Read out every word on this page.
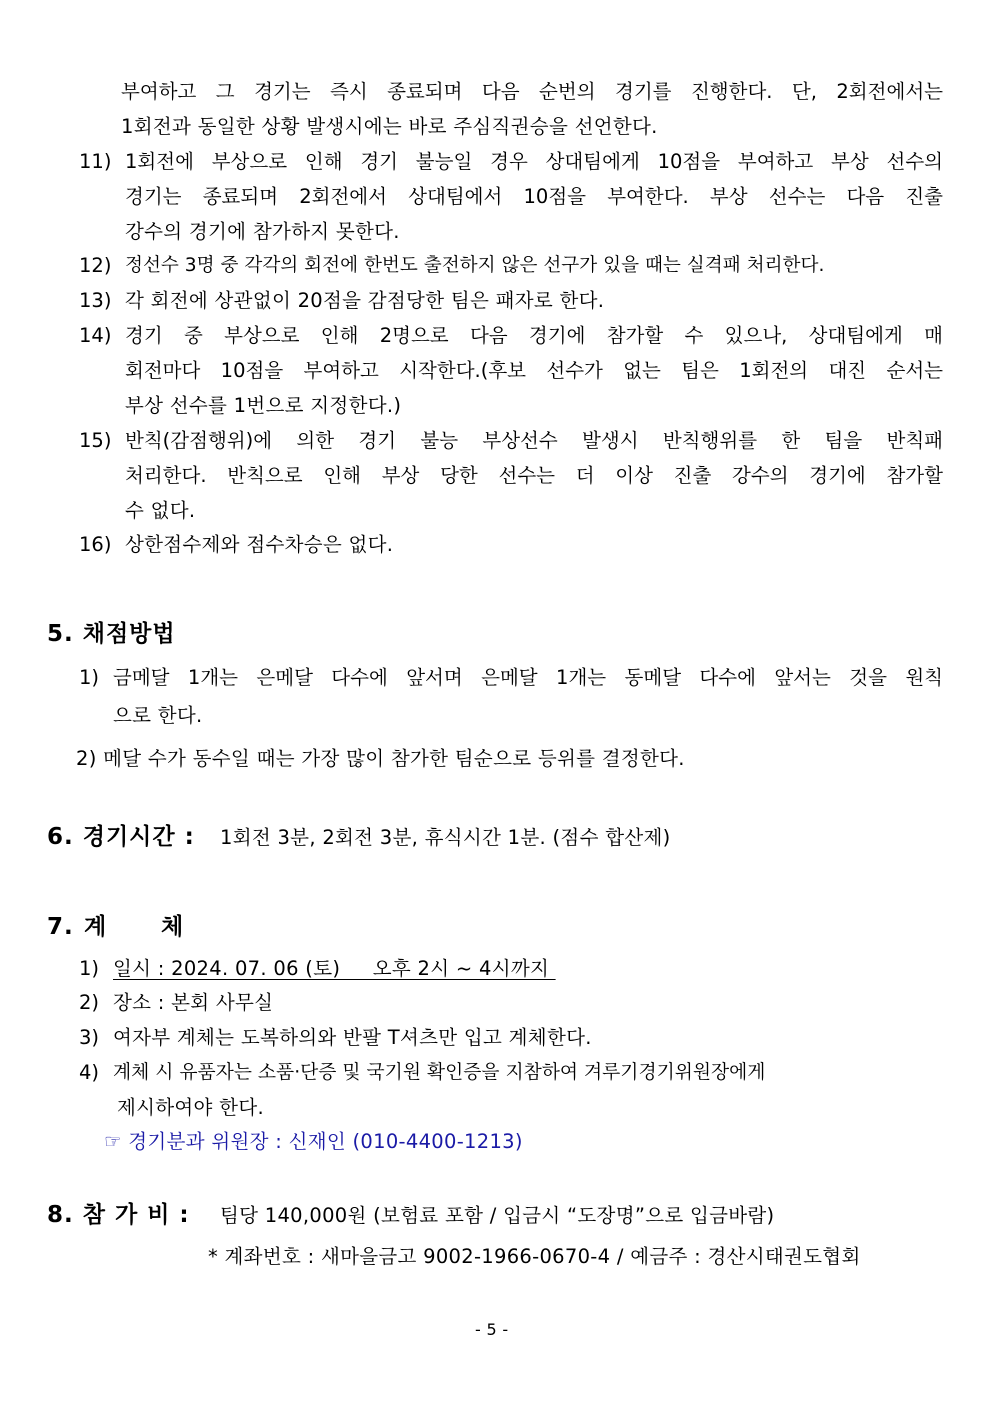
부여하고 그 경기는 즉시 종료되며 다음 순번의 경기를 진행한다. 단, 2회전에서는
1회전과 동일한 상황 발생시에는 바로 주심직권승을 선언한다.
11) 1회전에 부상으로 인해 경기 불능일 경우 상대팀에게 10점을 부여하고 부상 선수의
경기는 종료되며 2회전에서 상대팀에서 10점을 부여한다. 부상 선수는 다음 진출
강수의 경기에 참가하지 못한다.
12) 정선수 3명 중 각각의 회전에 한번도 출전하지 않은 선구가 있을 때는 실격패 처리한다.
13) 각 회전에 상관없이 20점을 감점당한 팀은 패자로 한다.
14) 경기 중 부상으로 인해 2명으로 다음 경기에 참가할 수 있으나, 상대팀에게 매
회전마다 10점을 부여하고 시작한다.(후보 선수가 없는 팀은 1회전의 대진 순서는
부상 선수를 1번으로 지정한다.)
15) 반칙(감점행위)에 의한 경기 불능 부상선수 발생시 반칙행위를 한 팀을 반칙패
처리한다. 반칙으로 인해 부상 당한 선수는 더 이상 진출 강수의 경기에 참가할
수 없다.
16) 상한점수제와 점수차승은 없다.
5. 채점방법
1) 금메달 1개는 은메달 다수에 앞서며 은메달 1개는 동메달 다수에 앞서는 것을 원칙
으로 한다.
2) 메달 수가 동수일 때는 가장 많이 참가한 팀순으로 등위를 결정한다.
6. 경기시간 : 1회전 3분, 2회전 3분, 휴식시간 1분. (점수 합산제)
7. 계 체
1) 일시 : 2024. 07. 06 (토)     오후 2시 ~ 4시까지
2) 장소 : 본회 사무실
3) 여자부 계체는 도복하의와 반팔 T셔츠만 입고 계체한다.
4) 계체 시 유품자는 소품·단증 및 국기원 확인증을 지참하여 겨루기경기위원장에게
제시하여야 한다.
☞ 경기분과 위원장 : 신재인 (010-4400-1213)
8. 참 가 비 : 팀당 140,000원 (보험료 포함 / 입금시 “도장명”으로 입금바람)
* 계좌번호 : 새마을금고 9002-1966-0670-4 / 예금주 : 경산시태권도협회
- 5 -
